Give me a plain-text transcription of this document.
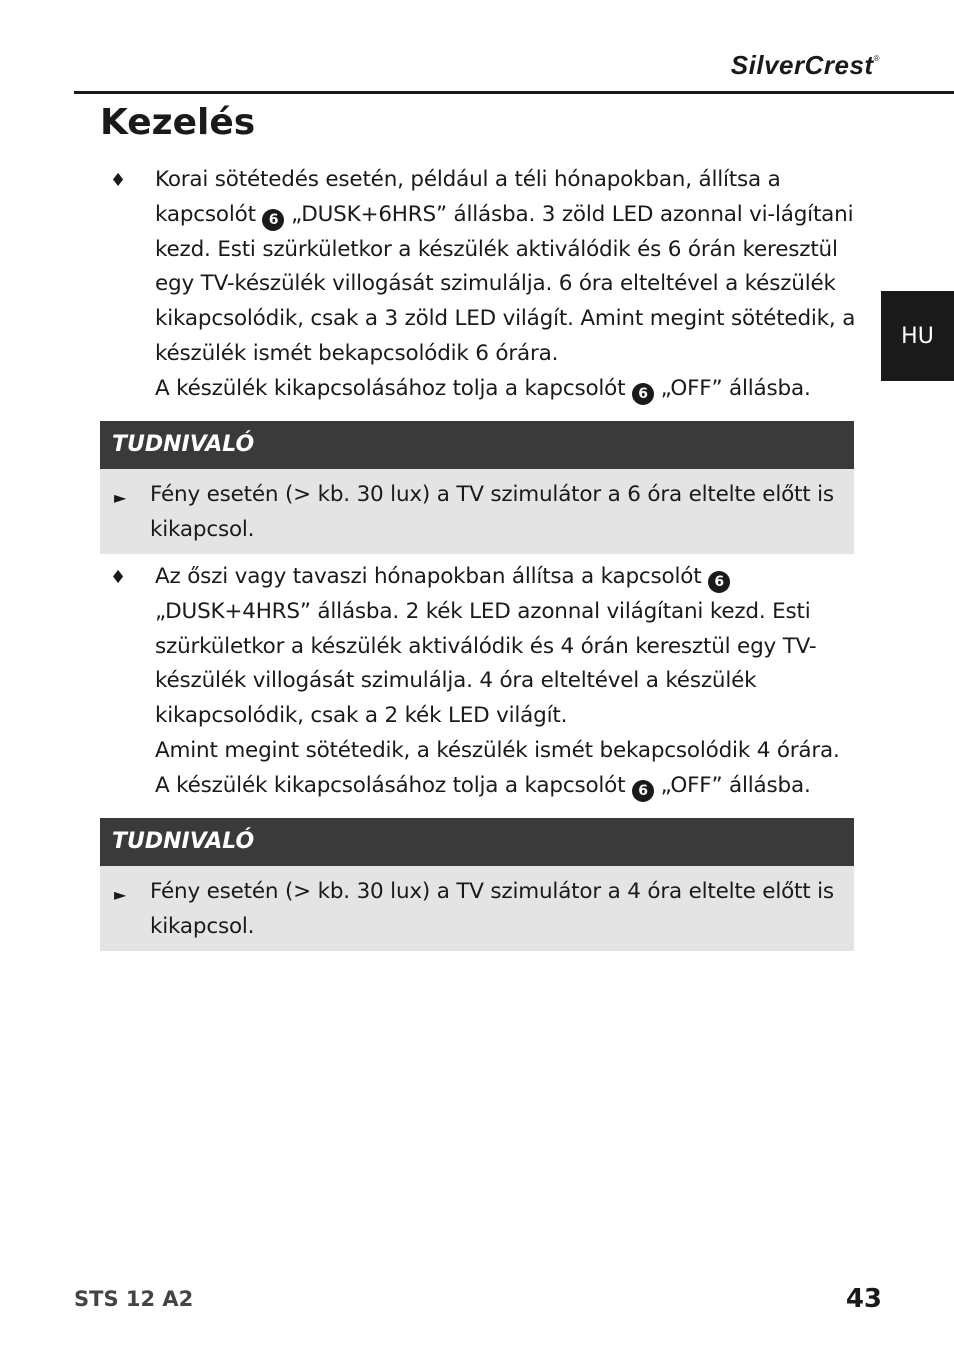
SilverCrest®
Kezelés
HU
♦ Korai sötétedés esetén, például a téli hónapokban, állítsa a kapcsolót 6 „DUSK+6HRS” állásba. 3 zöld LED azonnal vi-lágítani kezd. Esti szürkületkor a készülék aktiválódik és 6 órán keresztül egy TV-készülék villogását szimulálja. 6 óra elteltével a készülék kikapcsolódik, csak a 3 zöld LED világít. Amint megint sötétedik, a készülék ismét bekapcsolódik 6 órára.

A készülék kikapcsolásához tolja a kapcsolót 6 „OFF” állásba.

TUDNIVALÓ
► Fény esetén (> kb. 30 lux) a TV szimulátor a 6 óra eltelte előtt is kikapcsol.
♦ Az őszi vagy tavaszi hónapokban állítsa a kapcsolót 6 „DUSK+4HRS” állásba. 2 kék LED azonnal világítani kezd. Esti szürkületkor a készülék aktiválódik és 4 órán keresztül egy TV-készülék villogását szimulálja. 4 óra elteltével a készülék kikapcsolódik, csak a 2 kék LED világít.

Amint megint sötétedik, a készülék ismét bekapcsolódik 4 órára.

A készülék kikapcsolásához tolja a kapcsolót 6 „OFF” állásba.

TUDNIVALÓ
► Fény esetén (> kb. 30 lux) a TV szimulátor a 4 óra eltelte előtt is kikapcsol.
STS 12 A2	43
